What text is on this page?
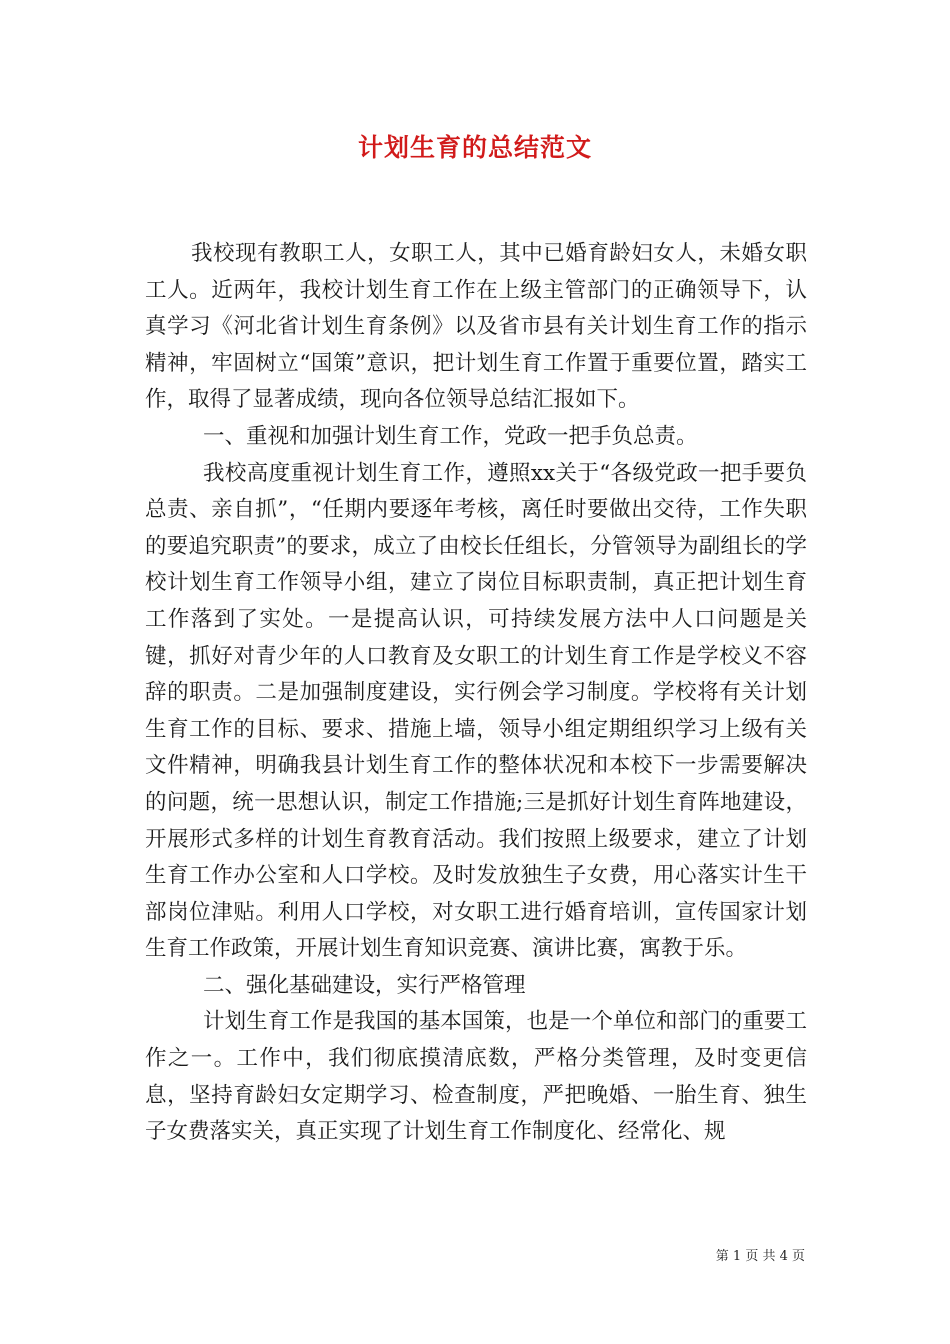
计划生育的总结范文

我校现有教职工人，女职工人，其中已婚育龄妇女人，未婚女职工人。近两年，我校计划生育工作在上级主管部门的正确领导下，认真学习《河北省计划生育条例》以及省市县有关计划生育工作的指示精神，牢固树立“国策”意识，把计划生育工作置于重要位置，踏实工作，取得了显著成绩，现向各位领导总结汇报如下。

一、重视和加强计划生育工作，党政一把手负总责。

我校高度重视计划生育工作，遵照xx关于“各级党政一把手要负总责、亲自抓”，“任期内要逐年考核，离任时要做出交待，工作失职的要追究职责”的要求，成立了由校长任组长，分管领导为副组长的学校计划生育工作领导小组，建立了岗位目标职责制，真正把计划生育工作落到了实处。一是提高认识，可持续发展方法中人口问题是关键，抓好对青少年的人口教育及女职工的计划生育工作是学校义不容辞的职责。二是加强制度建设，实行例会学习制度。学校将有关计划生育工作的目标、要求、措施上墙，领导小组定期组织学习上级有关文件精神，明确我县计划生育工作的整体状况和本校下一步需要解决的问题，统一思想认识，制定工作措施;三是抓好计划生育阵地建设，开展形式多样的计划生育教育活动。我们按照上级要求，建立了计划生育工作办公室和人口学校。及时发放独生子女费，用心落实计生干部岗位津贴。利用人口学校，对女职工进行婚育培训，宣传国家计划生育工作政策，开展计划生育知识竞赛、演讲比赛，寓教于乐。

二、强化基础建设，实行严格管理

计划生育工作是我国的基本国策，也是一个单位和部门的重要工作之一。工作中，我们彻底摸清底数，严格分类管理，及时变更信息，坚持育龄妇女定期学习、检查制度，严把晚婚、一胎生育、独生子女费落实关，真正实现了计划生育工作制度化、经常化、规

第 1 页 共 4 页
